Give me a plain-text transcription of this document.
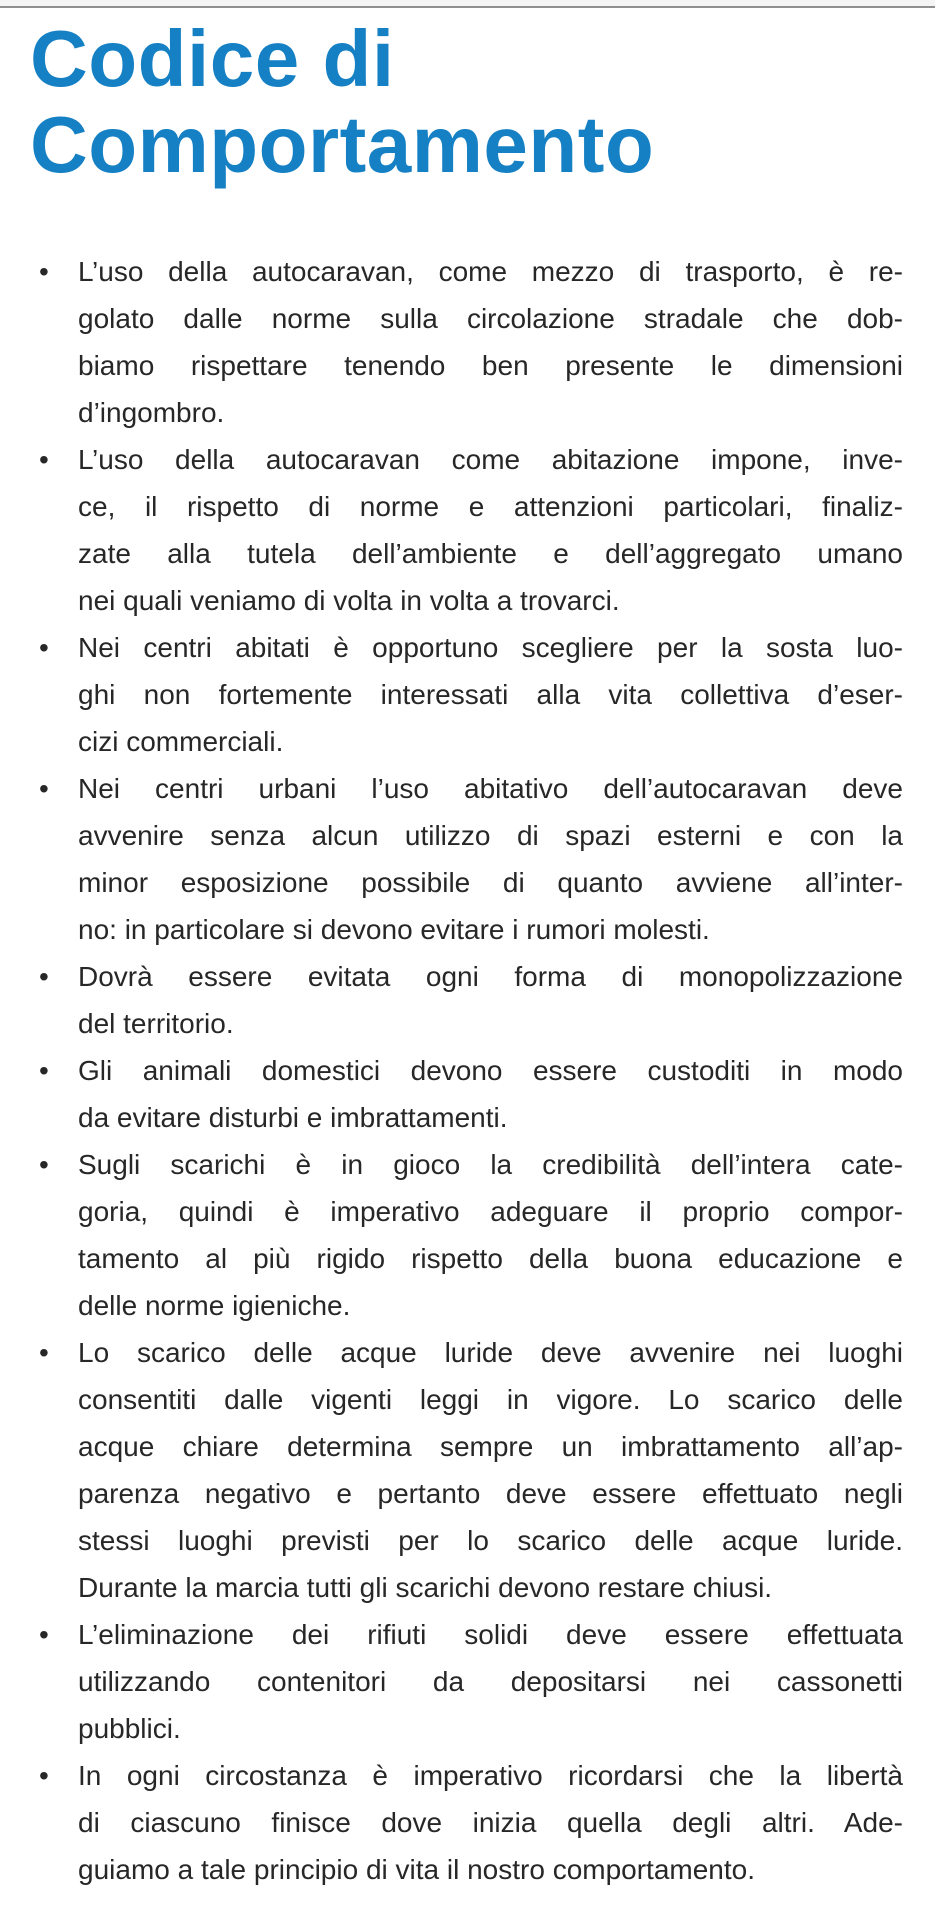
Codice di
Comportamento
•	L’uso della autocaravan, come mezzo di trasporto, è re-
golato dalle norme sulla circolazione stradale che dob-
biamo rispettare tenendo ben presente le dimensioni
d’ingombro.
•	L’uso della autocaravan come abitazione impone, inve-
ce, il rispetto di norme e attenzioni particolari, finaliz-
zate alla tutela dell’ambiente e dell’aggregato umano
nei quali veniamo di volta in volta a trovarci.
•	Nei centri abitati è opportuno scegliere per la sosta luo-
ghi non fortemente interessati alla vita collettiva d’eser-
cizi commerciali.
•	Nei centri urbani l’uso abitativo dell’autocaravan deve
avvenire senza alcun utilizzo di spazi esterni e con la
minor esposizione possibile di quanto avviene all’inter-
no: in particolare si devono evitare i rumori molesti.
•	Dovrà essere evitata ogni forma di monopolizzazione
del territorio.
•	Gli animali domestici devono essere custoditi in modo
da evitare disturbi e imbrattamenti.
•	Sugli scarichi è in gioco la credibilità dell’intera cate-
goria, quindi è imperativo adeguare il proprio compor-
tamento al più rigido rispetto della buona educazione e
delle norme igieniche.
•	Lo scarico delle acque luride deve avvenire nei luoghi
consentiti dalle vigenti leggi in vigore. Lo scarico delle
acque chiare determina sempre un imbrattamento all’ap-
parenza negativo e pertanto deve essere effettuato negli
stessi luoghi previsti per lo scarico delle acque luride.
Durante la marcia tutti gli scarichi devono restare chiusi.
•	L’eliminazione dei rifiuti solidi deve essere effettuata
utilizzando contenitori da depositarsi nei cassonetti
pubblici.
•	In ogni circostanza è imperativo ricordarsi che la libertà
di ciascuno finisce dove inizia quella degli altri. Ade-
guiamo a tale principio di vita il nostro comportamento.
